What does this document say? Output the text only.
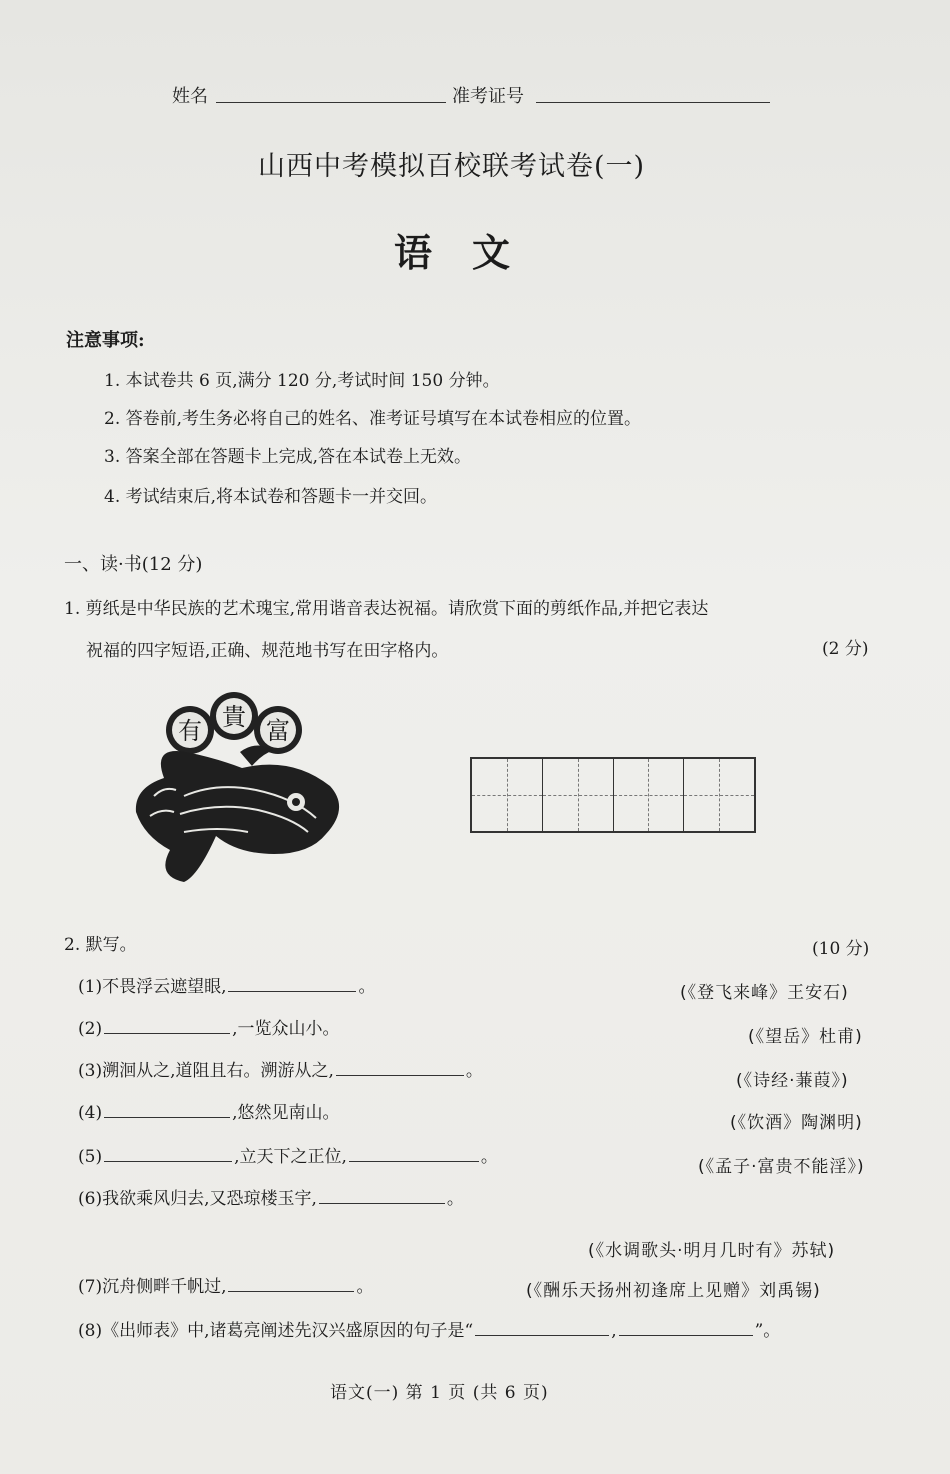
姓名	准考证号
山西中考模拟百校联考试卷(一)
语文
注意事项:
1. 本试卷共 6 页,满分 120 分,考试时间 150 分钟。
2. 答卷前,考生务必将自己的姓名、准考证号填写在本试卷相应的位置。
3. 答案全部在答题卡上完成,答在本试卷上无效。
4. 考试结束后,将本试卷和答题卡一并交回。
一、读·书(12 分)
1. 剪纸是中华民族的艺术瑰宝,常用谐音表达祝福。请欣赏下面的剪纸作品,并把它表达
祝福的四字短语,正确、规范地书写在田字格内。	(2 分)
有 貴 富
2. 默写。	(10 分)
(1)不畏浮云遮望眼,	。	(《登飞来峰》王安石)
(2)	,一览众山小。	(《望岳》杜甫)
(3)溯洄从之,道阻且右。溯游从之,	。	(《诗经·蒹葭》)
(4)	,悠然见南山。	(《饮酒》陶渊明)
(5)	,立天下之正位,	。	(《孟子·富贵不能淫》)
(6)我欲乘风归去,又恐琼楼玉宇,	。
(《水调歌头·明月几时有》苏轼)
(7)沉舟侧畔千帆过,	。	(《酬乐天扬州初逢席上见赠》刘禹锡)
(8)《出师表》中,诸葛亮阐述先汉兴盛原因的句子是“	,	”。
语文(一) 第 1 页 (共 6 页)
